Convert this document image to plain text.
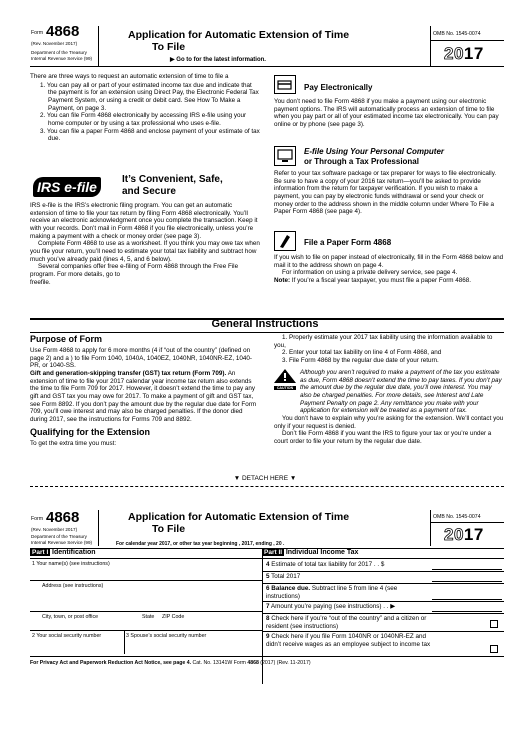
Form 4868
(Rev. November 2017)
Department of the Treasury
Internal Revenue Service (99)
Application for Automatic Extension of Time
To File
▶ Go to for the latest information.
OMB No. 1545-0074
2017

There are three ways to request an automatic extension of time to file a

1. You can pay all or part of your estimated income tax due and indicate that the payment is for an extension using Direct Pay, the Electronic Federal Tax Payment System, or using a credit or debit card. See How To Make a Payment, on page 3.

2. You can file Form 4868 electronically by accessing IRS e-file using your home computer or by using a tax professional who uses e-file.

3. You can file a paper Form 4868 and enclose payment of your estimate of tax due.

IRS e-file	It’s Convenient, Safe, and Secure

IRS e-file is the IRS’s electronic filing program. You can get an automatic extension of time to file your tax return by filing Form 4868 electronically. You’ll receive an electronic acknowledgment once you complete the transaction. Keep it with your records. Don’t mail in Form 4868 if you file electronically, unless you’re making a payment with a check or money order (see page 3).

Complete Form 4868 to use as a worksheet. If you think you may owe tax when you file your return, you’ll need to estimate your total tax liability and subtract how much you’ve already paid (lines 4, 5, and 6 below).

Several companies offer free e-filing of Form 4868 through the Free File program. For more details, go to

freefile.

Pay Electronically
You don’t need to file Form 4868 if you make a payment using our electronic payment options. The IRS will automatically process an extension of time to file when you pay part or all of your estimated income tax electronically. You can pay online or by phone (see page 3).
E-file Using Your Personal Computer
or Through a Tax Professional
Refer to your tax software package or tax preparer for ways to file electronically. Be sure to have a copy of your 2016 tax return—you’ll be asked to provide information from the return for taxpayer verification. If you wish to make a payment, you can pay by electronic funds withdrawal or send your check or money order to the address shown in the middle column under Where To File a Paper Form 4868 (see page 4).
File a Paper Form 4868

If you wish to file on paper instead of electronically, fill in the Form 4868 below and mail it to the address shown on page 4.

For information on using a private delivery service, see page 4.

Note: If you’re a fiscal year taxpayer, you must file a paper Form 4868.

General Instructions
Purpose of Form

Use Form 4868 to apply for 6 more months (4 if “out of the country” (defined on page 2) and a ) to file Form 1040, 1040A, 1040EZ, 1040NR, 1040NR-EZ, 1040-PR, or 1040-SS.

Gift and generation-skipping transfer (GST) tax return (Form 709). An extension of time to file your 2017 calendar year income tax return also extends the time to file Form 709 for 2017. However, it doesn’t extend the time to pay any gift and GST tax you may owe for 2017. To make a payment of gift and GST tax, see Form 8892. If you don’t pay the amount due by the regular due date for Form 709, you’ll owe interest and may also be charged penalties. If the donor died during 2017, see the instructions for Forms 709 and 8892.

Qualifying for the Extension

To get the extra time you must:

1. Properly estimate your 2017 tax liability using the information available to you,

2. Enter your total tax liability on line 4 of Form 4868, and

3. File Form 4868 by the regular due date of your return.

CAUTION
Although you aren’t required to make a payment of the tax you estimate as due, Form 4868 doesn’t extend the time to pay taxes. If you don’t pay the amount due by the regular due date, you’ll owe interest. You may also be charged penalties. For more details, see Interest and Late Payment Penalty on page 2. Any remittance you make with your application for extension will be treated as a payment of tax.

You don’t have to explain why you’re asking for the extension. We’ll contact you only if your request is denied.

Don’t file Form 4868 if you want the IRS to figure your tax or you’re under a court order to file your return by the regular due date.

▼ DETACH HERE ▼
Form 4868
(Rev. November 2017)
Department of the Treasury
Internal Revenue Service (99)
Application for Automatic Extension of Time
To File
OMB No. 1545-0074
2017
For calendar year 2017, or other tax year beginning , 2017, ending , 20 .
Part I Identification	Part II Individual Income Tax
1 Your name(s) (see instructions)
Address (see instructions)
City, town, or post office	State	ZIP Code
2 Your social security number	3 Spouse’s social security number
4 Estimate of total tax liability for 2017 . . $
5 Total 2017
6 Balance due. Subtract line 5 from line 4 (see instructions)
7 Amount you’re paying (see instructions) . . ▶
8 Check here if you’re “out of the country” and a citizen or resident (see instructions)
9 Check here if you file Form 1040NR or 1040NR-EZ and didn’t receive wages as an employee subject to income tax
For Privacy Act and Paperwork Reduction Act Notice, see page 4. Cat. No. 13141W Form 4868 (2017) (Rev. 11-2017)
